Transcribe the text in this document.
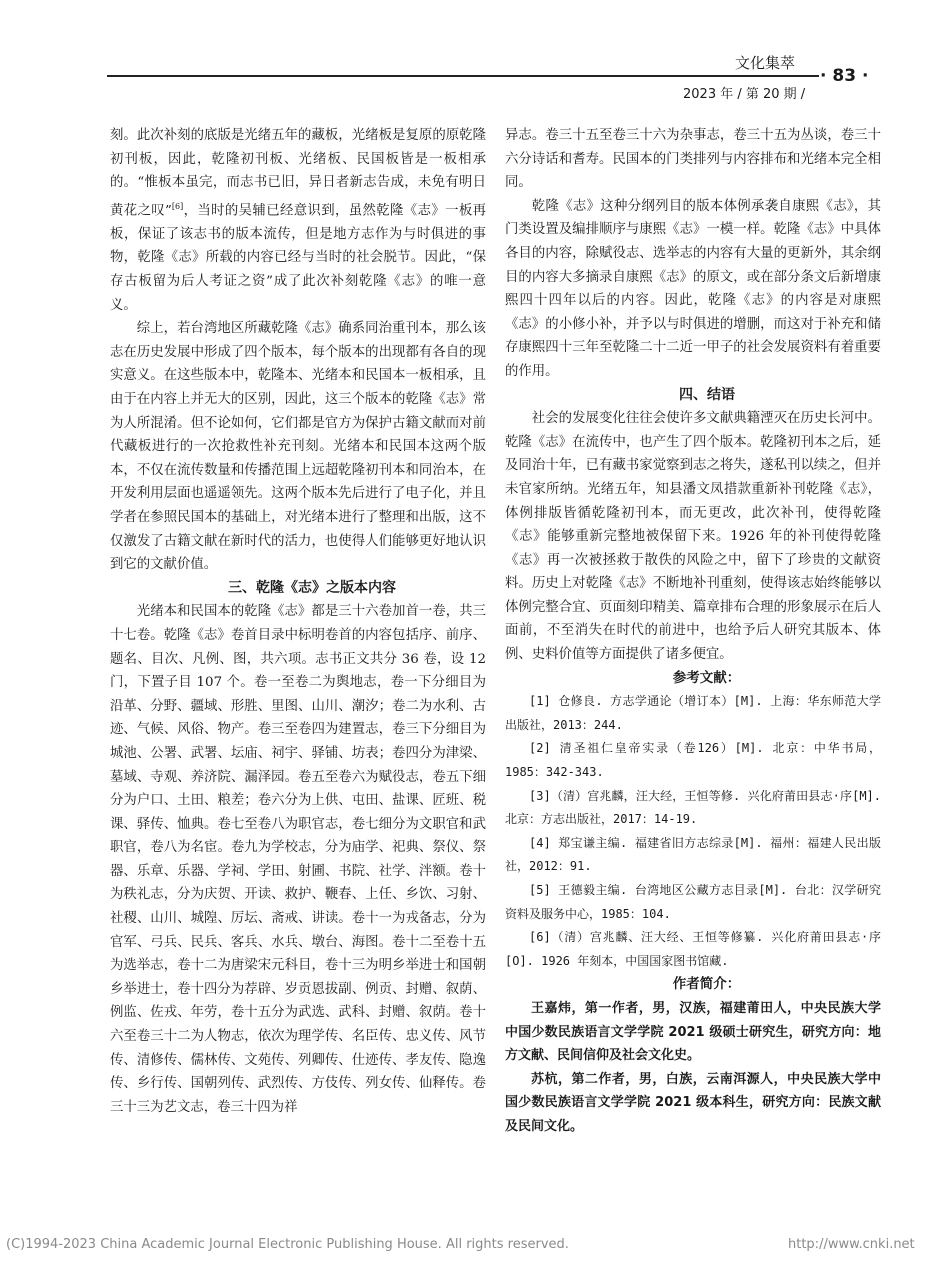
文化集萃
· 83 ·
2023 年 / 第 20 期 /

刻。此次补刻的底版是光绪五年的藏板，光绪板是复原的原乾隆初刊板，因此，乾隆初刊板、光绪板、民国板皆是一板相承的。“惟板本虽完，而志书已旧，异日者新志告成，未免有明日黄花之叹”[6]，当时的吴辅已经意识到，虽然乾隆《志》一板再板，保证了该志书的版本流传，但是地方志作为与时俱进的事物，乾隆《志》所载的内容已经与当时的社会脱节。因此，“保存古板留为后人考证之资”成了此次补刻乾隆《志》的唯一意义。

综上，若台湾地区所藏乾隆《志》确系同治重刊本，那么该志在历史发展中形成了四个版本，每个版本的出现都有各自的现实意义。在这些版本中，乾隆本、光绪本和民国本一板相承，且由于在内容上并无大的区别，因此，这三个版本的乾隆《志》常为人所混淆。但不论如何，它们都是官方为保护古籍文献而对前代藏板进行的一次抢救性补充刊刻。光绪本和民国本这两个版本，不仅在流传数量和传播范围上远超乾隆初刊本和同治本，在开发利用层面也遥遥领先。这两个版本先后进行了电子化，并且学者在参照民国本的基础上，对光绪本进行了整理和出版，这不仅激发了古籍文献在新时代的活力，也使得人们能够更好地认识到它的文献价值。

三、乾隆《志》之版本内容

光绪本和民国本的乾隆《志》都是三十六卷加首一卷，共三十七卷。乾隆《志》卷首目录中标明卷首的内容包括序、前序、题名、目次、凡例、图，共六项。志书正文共分 36 卷，设 12 门，下置子目 107 个。卷一至卷二为舆地志，卷一下分细目为沿革、分野、疆域、形胜、里图、山川、潮汐；卷二为水利、古迹、气候、风俗、物产。卷三至卷四为建置志，卷三下分细目为城池、公署、武署、坛庙、祠宇、驿铺、坊表；卷四分为津梁、墓域、寺观、养济院、漏泽园。卷五至卷六为赋役志，卷五下细分为户口、土田、粮差；卷六分为上供、屯田、盐课、匠班、税课、驿传、恤典。卷七至卷八为职官志，卷七细分为文职官和武职官，卷八为名宦。卷九为学校志，分为庙学、祀典、祭仪、祭器、乐章、乐器、学祠、学田、射圃、书院、社学、泮额。卷十为秩礼志，分为庆贺、开读、救护、鞭春、上任、乡饮、习射、社稷、山川、城隍、厉坛、斋戒、讲读。卷十一为戎备志，分为官军、弓兵、民兵、客兵、水兵、墩台、海图。卷十二至卷十五为选举志，卷十二为唐梁宋元科目，卷十三为明乡举进士和国朝乡举进士，卷十四分为荐辟、岁贡恩拔副、例贡、封赠、叙荫、例监、佐戎、年劳，卷十五分为武选、武科、封赠、叙荫。卷十六至卷三十二为人物志，依次为理学传、名臣传、忠义传、风节传、清修传、儒林传、文苑传、列卿传、仕迹传、孝友传、隐逸传、乡行传、国朝列传、武烈传、方伎传、列女传、仙释传。卷三十三为艺文志，卷三十四为祥

异志。卷三十五至卷三十六为杂事志，卷三十五为丛谈，卷三十六分诗话和耆寿。民国本的门类排列与内容排布和光绪本完全相同。

乾隆《志》这种分纲列目的版本体例承袭自康熙《志》，其门类设置及编排顺序与康熙《志》一模一样。乾隆《志》中具体各目的内容，除赋役志、选举志的内容有大量的更新外，其余纲目的内容大多摘录自康熙《志》的原文，或在部分条文后新增康熙四十四年以后的内容。因此，乾隆《志》的内容是对康熙《志》的小修小补，并予以与时俱进的增删，而这对于补充和储存康熙四十三年至乾隆二十二近一甲子的社会发展资料有着重要的作用。

四、结语

社会的发展变化往往会使许多文献典籍湮灭在历史长河中。乾隆《志》在流传中，也产生了四个版本。乾隆初刊本之后，延及同治十年，已有藏书家觉察到志之将失，遂私刊以续之，但并未官家所纳。光绪五年，知县潘文凤措款重新补刊乾隆《志》，体例排版皆循乾隆初刊本，而无更改，此次补刊，使得乾隆《志》能够重新完整地被保留下来。1926 年的补刊使得乾隆《志》再一次被拯救于散佚的风险之中，留下了珍贵的文献资料。历史上对乾隆《志》不断地补刊重刻，使得该志始终能够以体例完整合宜、页面刻印精美、篇章排布合理的形象展示在后人面前，不至消失在时代的前进中，也给予后人研究其版本、体例、史料价值等方面提供了诸多便宜。

参考文献：

[1] 仓修良. 方志学通论（增订本）[M]. 上海：华东师范大学出版社，2013：244.

[2] 清圣祖仁皇帝实录（卷126）[M]. 北京：中华书局，1985：342-343.

[3]（清）宫兆麟，汪大经，王恒等修. 兴化府莆田县志·序[M]. 北京：方志出版社，2017：14-19.

[4] 郑宝谦主编. 福建省旧方志综录[M]. 福州：福建人民出版社，2012：91.

[5] 王德毅主编. 台湾地区公藏方志目录[M]. 台北：汉学研究资料及服务中心，1985：104.

[6]（清）宫兆麟、汪大经、王恒等修纂. 兴化府莆田县志·序[O]. 1926 年刻本，中国国家图书馆藏.

作者简介：

王嘉炜，第一作者，男，汉族，福建莆田人，中央民族大学中国少数民族语言文学学院 2021 级硕士研究生，研究方向：地方文献、民间信仰及社会文化史。

苏杭，第二作者，男，白族，云南洱源人，中央民族大学中国少数民族语言文学学院 2021 级本科生，研究方向：民族文献及民间文化。

(C)1994-2023 China Academic Journal Electronic Publishing House. All rights reserved.	http://www.cnki.net
